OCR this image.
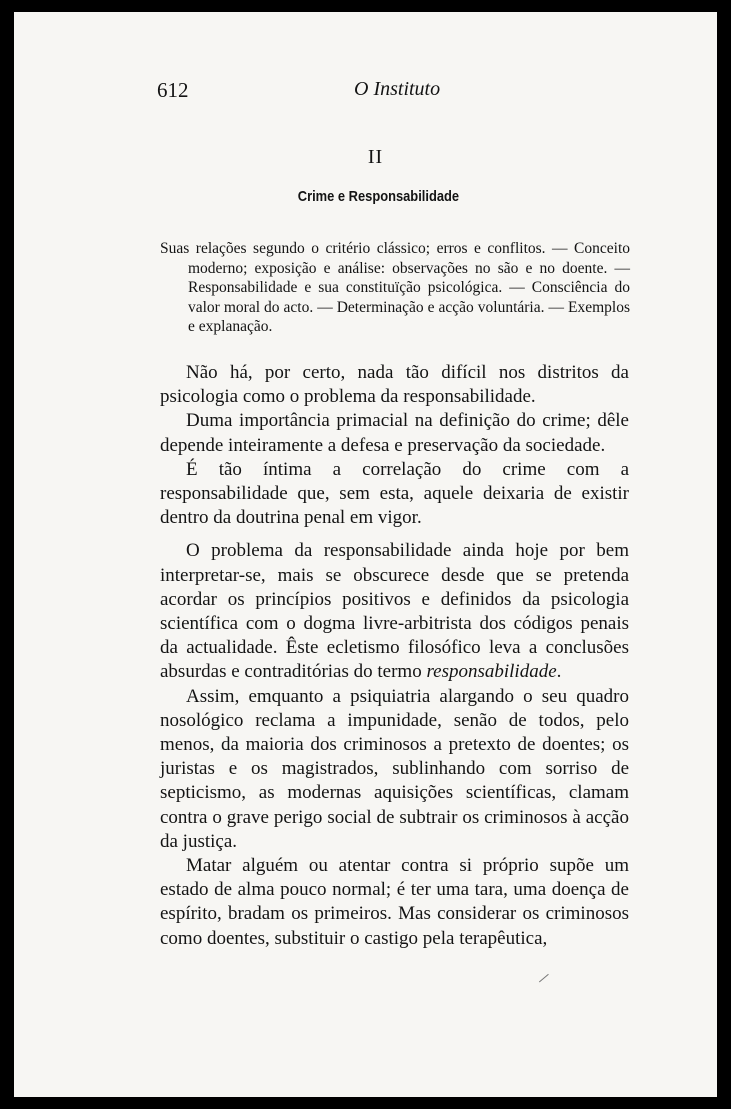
612	O Instituto
II
Crime e Responsabilidade
Suas relações segundo o critério clássico; erros e conflitos. — Conceito moderno; exposição e análise: observações no são e no doente. — Responsabilidade e sua constituïção psicológica. — Consciência do valor moral do acto. — Determinação e acção voluntária. — Exemplos e explanação.

Não há, por certo, nada tão difícil nos distritos da psicologia como o problema da responsabilidade.

Duma importância primacial na definição do crime; dêle depende inteiramente a defesa e preservação da sociedade.

É tão íntima a correlação do crime com a responsabilidade que, sem esta, aquele deixaria de existir dentro da doutrina penal em vigor.

O problema da responsabilidade ainda hoje por bem interpretar-se, mais se obscurece desde que se pretenda acordar os princípios positivos e definidos da psicologia scientífica com o dogma livre-arbitrista dos códigos penais da actualidade. Êste ecletismo filosófico leva a conclusões absurdas e contraditórias do termo responsabilidade.

Assim, emquanto a psiquiatria alargando o seu quadro nosológico reclama a impunidade, senão de todos, pelo menos, da maioria dos criminosos a pretexto de doentes; os juristas e os magistrados, sublinhando com sorriso de septicismo, as modernas aquisições scientíficas, clamam contra o grave perigo social de subtrair os criminosos à acção da justiça.

Matar alguém ou atentar contra si próprio supõe um estado de alma pouco normal; é ter uma tara, uma doença de espírito, bradam os primeiros. Mas considerar os criminosos como doentes, substituir o castigo pela terapêutica,
